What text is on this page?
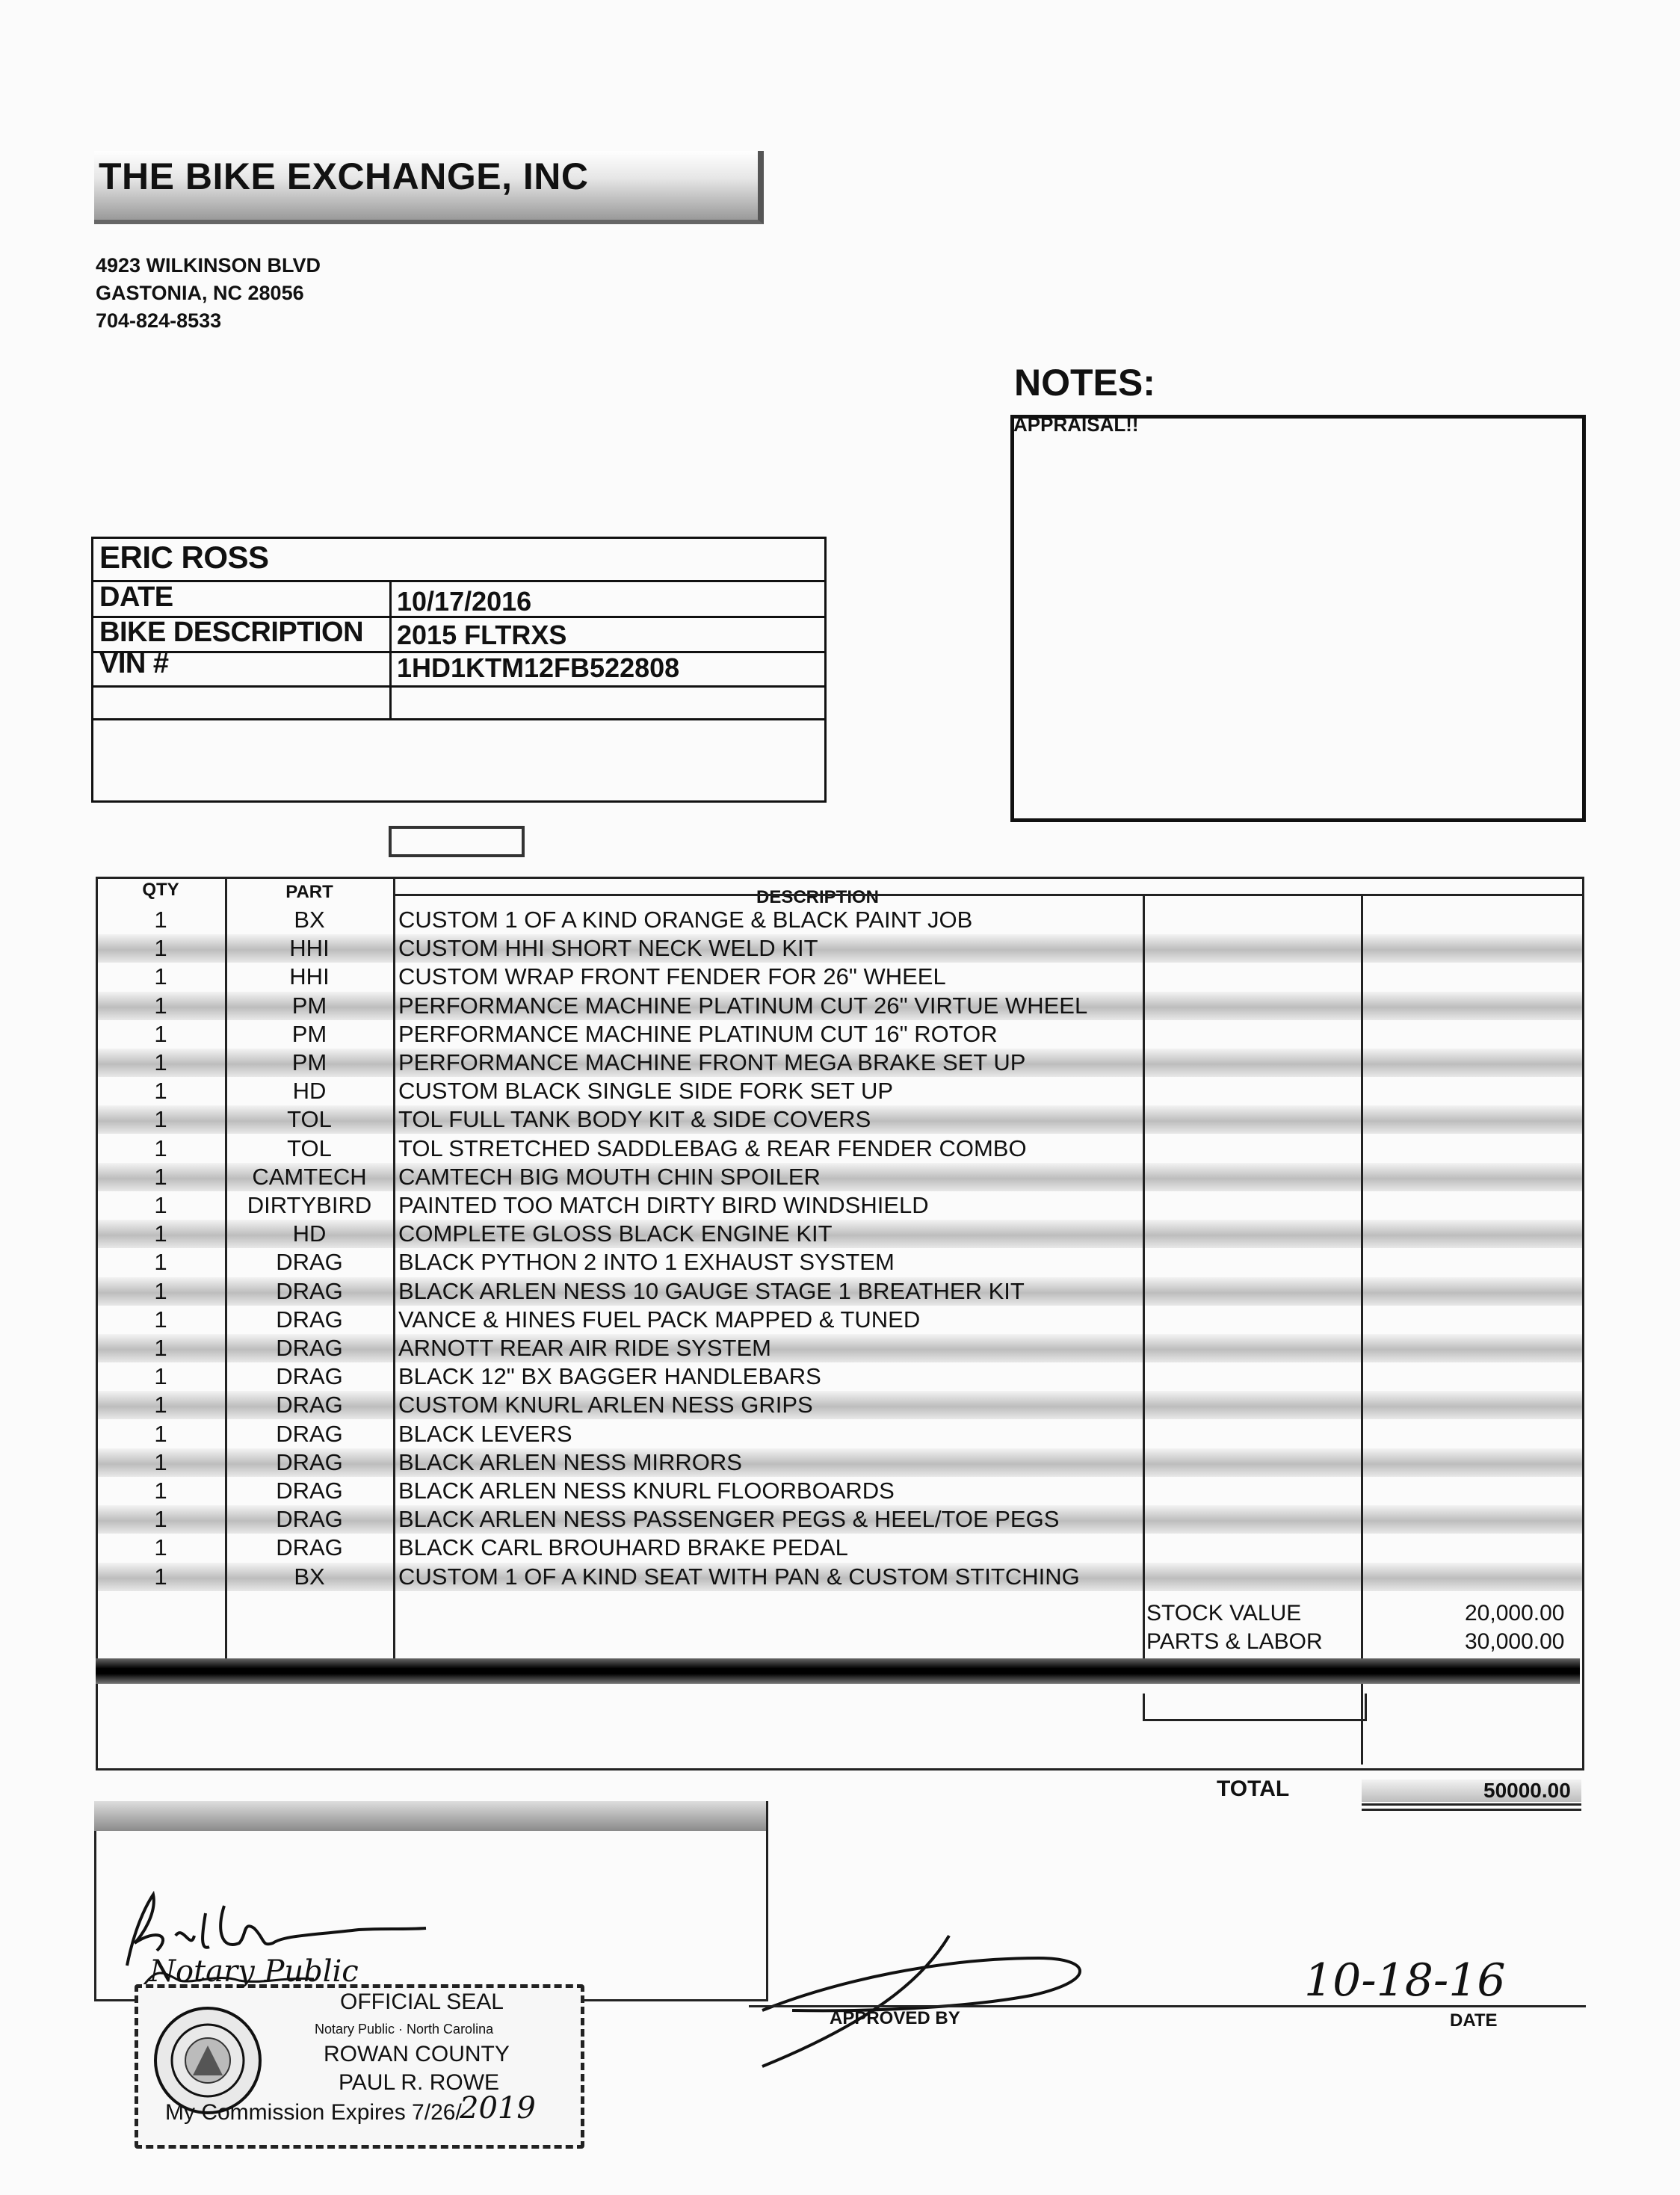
THE BIKE EXCHANGE, INC
4923 WILKINSON BLVD
GASTONIA, NC 28056
704-824-8533
NOTES:
APPRAISAL!!
ERIC ROSS
DATE	10/17/2016
BIKE DESCRIPTION 2015 FLTRXS
VIN #	1HD1KTM12FB522808
QTY	PART	DESCRIPTION
1	BX	CUSTOM 1 OF A KIND ORANGE & BLACK PAINT JOB
1	HHI	CUSTOM HHI SHORT NECK WELD KIT
1	HHI	CUSTOM WRAP FRONT FENDER FOR 26" WHEEL
1	PM	PERFORMANCE MACHINE PLATINUM CUT 26" VIRTUE WHEEL
1	PM	PERFORMANCE MACHINE PLATINUM CUT 16" ROTOR
1	PM	PERFORMANCE MACHINE FRONT MEGA BRAKE SET UP
1	HD	CUSTOM BLACK SINGLE SIDE FORK SET UP
1	TOL	TOL FULL TANK BODY KIT & SIDE COVERS
1	TOL	TOL STRETCHED SADDLEBAG & REAR FENDER COMBO
1	CAMTECH	CAMTECH BIG MOUTH CHIN SPOILER
1	DIRTYBIRD	PAINTED TOO MATCH DIRTY BIRD WINDSHIELD
1	HD	COMPLETE GLOSS BLACK ENGINE KIT
1	DRAG	BLACK PYTHON 2 INTO 1 EXHAUST SYSTEM
1	DRAG	BLACK ARLEN NESS 10 GAUGE STAGE 1 BREATHER KIT
1	DRAG	VANCE & HINES FUEL PACK MAPPED & TUNED
1	DRAG	ARNOTT REAR AIR RIDE SYSTEM
1	DRAG	BLACK 12" BX BAGGER HANDLEBARS
1	DRAG	CUSTOM KNURL ARLEN NESS GRIPS
1	DRAG	BLACK LEVERS
1	DRAG	BLACK ARLEN NESS MIRRORS
1	DRAG	BLACK ARLEN NESS KNURL FLOORBOARDS
1	DRAG	BLACK ARLEN NESS PASSENGER PEGS & HEEL/TOE PEGS
1	DRAG	BLACK CARL BROUHARD BRAKE PEDAL
1	BX	CUSTOM 1 OF A KIND SEAT WITH PAN & CUSTOM STITCHING
STOCK VALUE	20,000.00
PARTS & LABOR	30,000.00
TOTAL	50000.00
OFFICIAL SEAL
Notary Public · North Carolina
ROWAN COUNTY
PAUL R. ROWE
My Commission Expires 7/26/
2019
Notary Public
APPROVED BY	DATE
10-18-16
